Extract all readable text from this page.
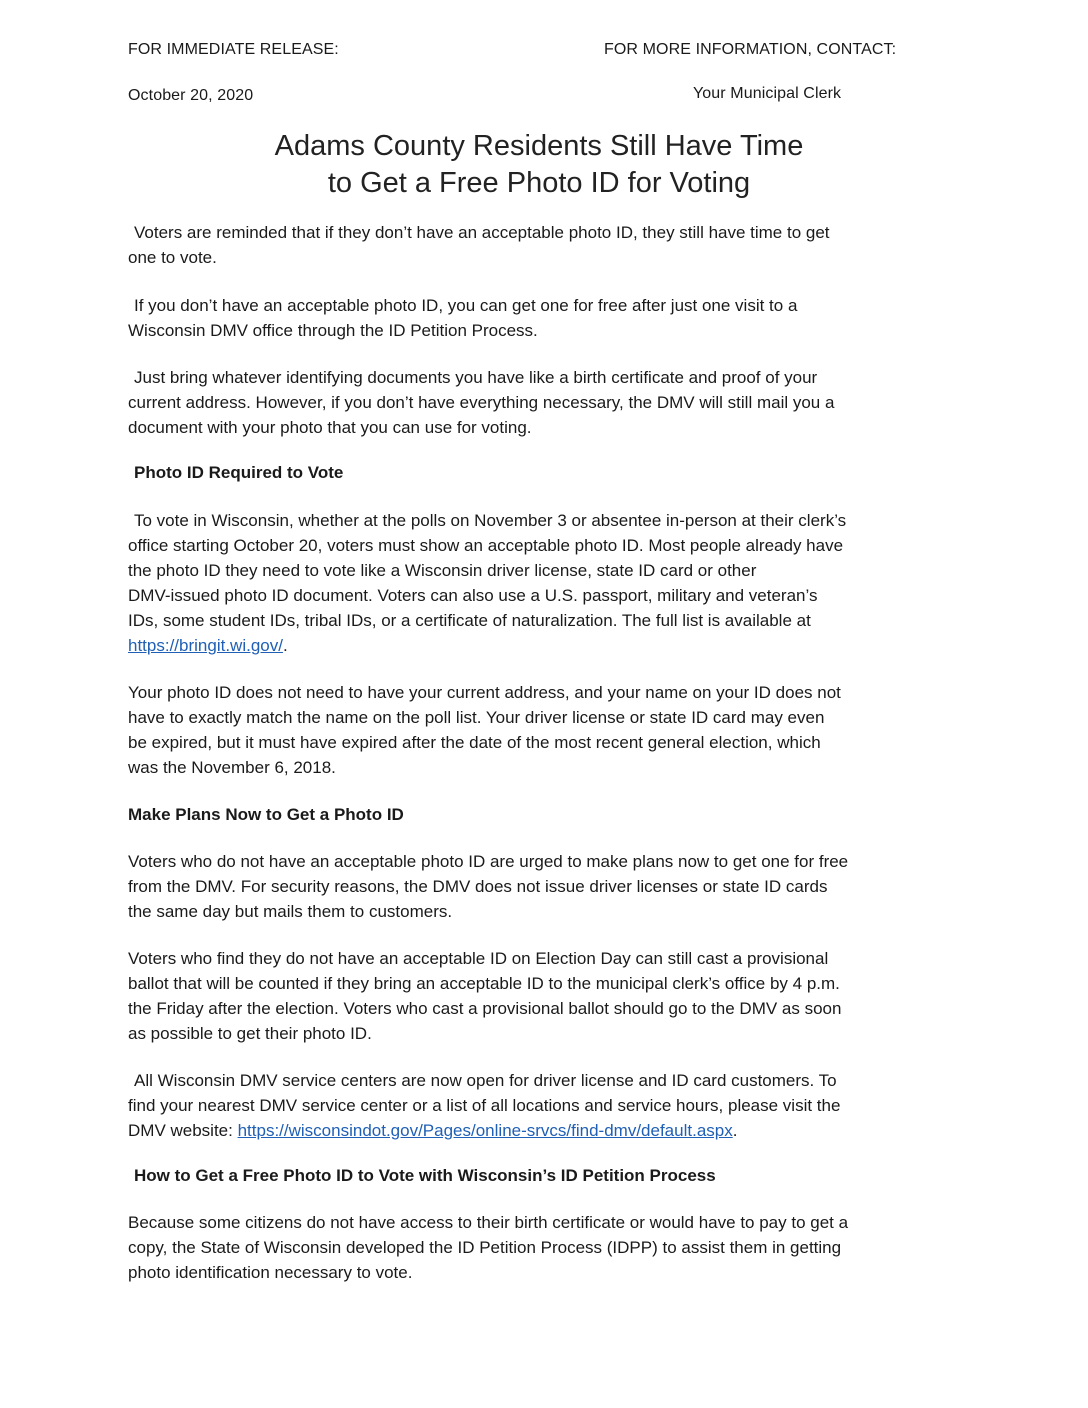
FOR IMMEDIATE RELEASE:	FOR MORE INFORMATION, CONTACT:
October 20, 2020	Your Municipal Clerk
Adams County Residents Still Have Time
to Get a Free Photo ID for Voting

Voters are reminded that if they don’t have an acceptable photo ID, they still have time to get
one to vote.

If you don’t have an acceptable photo ID, you can get one for free after just one visit to a
Wisconsin DMV office through the ID Petition Process.

Just bring whatever identifying documents you have like a birth certificate and proof of your
current address. However, if you don’t have everything necessary, the DMV will still mail you a
document with your photo that you can use for voting.

Photo ID Required to Vote

To vote in Wisconsin, whether at the polls on November 3 or absentee in-person at their clerk’s
office starting October 20, voters must show an acceptable photo ID. Most people already have
the photo ID they need to vote like a Wisconsin driver license, state ID card or other
DMV-issued photo ID document. Voters can also use a U.S. passport, military and veteran’s
IDs, some student IDs, tribal IDs, or a certificate of naturalization. The full list is available at
https://bringit.wi.gov/.

Your photo ID does not need to have your current address, and your name on your ID does not
have to exactly match the name on the poll list. Your driver license or state ID card may even
be expired, but it must have expired after the date of the most recent general election, which
was the November 6, 2018.

Make Plans Now to Get a Photo ID

Voters who do not have an acceptable photo ID are urged to make plans now to get one for free
from the DMV. For security reasons, the DMV does not issue driver licenses or state ID cards
the same day but mails them to customers.

Voters who find they do not have an acceptable ID on Election Day can still cast a provisional
ballot that will be counted if they bring an acceptable ID to the municipal clerk’s office by 4 p.m.
the Friday after the election. Voters who cast a provisional ballot should go to the DMV as soon
as possible to get their photo ID.

All Wisconsin DMV service centers are now open for driver license and ID card customers. To
find your nearest DMV service center or a list of all locations and service hours, please visit the
DMV website: https://wisconsindot.gov/Pages/online-srvcs/find-dmv/default.aspx.

How to Get a Free Photo ID to Vote with Wisconsin’s ID Petition Process

Because some citizens do not have access to their birth certificate or would have to pay to get a
copy, the State of Wisconsin developed the ID Petition Process (IDPP) to assist them in getting
photo identification necessary to vote.
